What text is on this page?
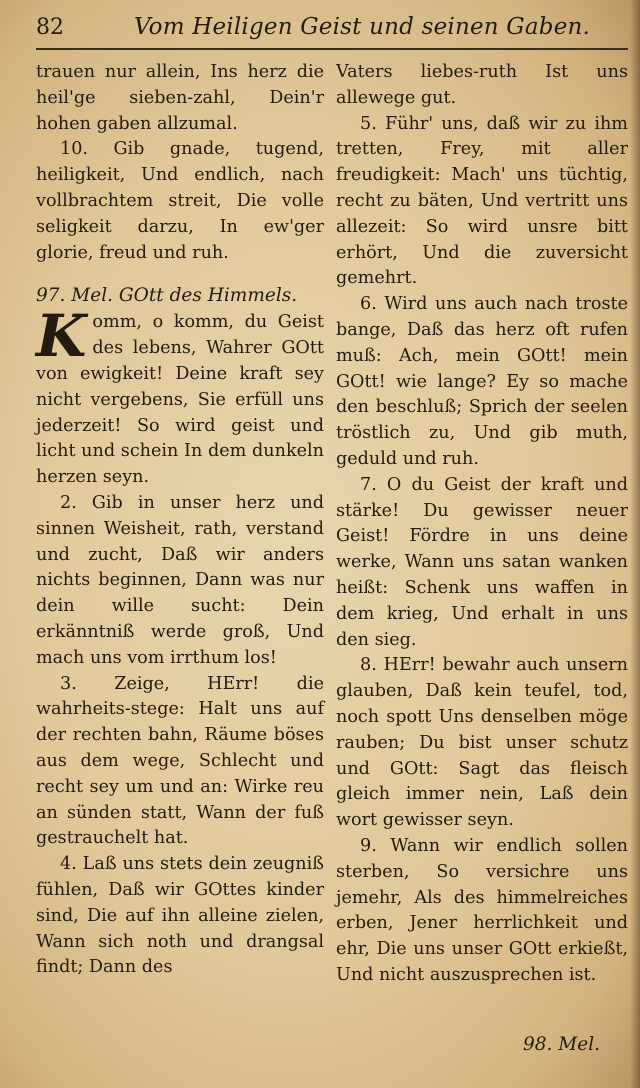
82	Vom Heiligen Geist und seinen Gaben.

trauen nur allein, Ins herz die heil'ge sieben-zahl, Dein'r hohen gaben allzumal.

10. Gib gnade, tugend, heiligkeit, Und endlich, nach vollbrachtem streit, Die volle seligkeit darzu, In ew'ger glorie, freud und ruh.

97. Mel. GOtt des Himmels.

Komm, o komm, du Geist des lebens, Wahrer GOtt von ewigkeit! Deine kraft sey nicht vergebens, Sie erfüll uns jederzeit! So wird geist und licht und schein In dem dunkeln herzen seyn.

2. Gib in unser herz und sinnen Weisheit, rath, verstand und zucht, Daß wir anders nichts beginnen, Dann was nur dein wille sucht: Dein erkänntniß werde groß, Und mach uns vom irrthum los!

3. Zeige, HErr! die wahrheits-stege: Halt uns auf der rechten bahn, Räume böses aus dem wege, Schlecht und recht sey um und an: Wirke reu an sünden statt, Wann der fuß gestrauchelt hat.

4. Laß uns stets dein zeugniß fühlen, Daß wir GOttes kinder sind, Die auf ihn alleine zielen, Wann sich noth und drangsal findt; Dann des

Vaters liebes-ruth Ist uns allewege gut.

5. Führ' uns, daß wir zu ihm tretten, Frey, mit aller freudigkeit: Mach' uns tüchtig, recht zu bäten, Und vertritt uns allezeit: So wird unsre bitt erhört, Und die zuversicht gemehrt.

6. Wird uns auch nach troste bange, Daß das herz oft rufen muß: Ach, mein GOtt! mein GOtt! wie lange? Ey so mache den beschluß; Sprich der seelen tröstlich zu, Und gib muth, geduld und ruh.

7. O du Geist der kraft und stärke! Du gewisser neuer Geist! Fördre in uns deine werke, Wann uns satan wanken heißt: Schenk uns waffen in dem krieg, Und erhalt in uns den sieg.

8. HErr! bewahr auch unsern glauben, Daß kein teufel, tod, noch spott Uns denselben möge rauben; Du bist unser schutz und GOtt: Sagt das fleisch gleich immer nein, Laß dein wort gewisser seyn.

9. Wann wir endlich sollen sterben, So versichre uns jemehr, Als des himmelreiches erben, Jener herrlichkeit und ehr, Die uns unser GOtt erkießt, Und nicht auszusprechen ist.

98. Mel.
